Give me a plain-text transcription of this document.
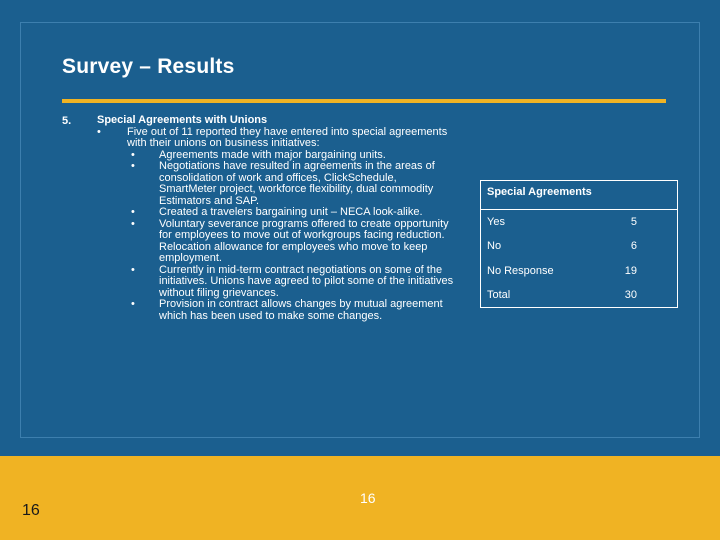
Survey – Results
5. Special Agreements with Unions
• Five out of 11 reported they have entered into special agreements with their unions on business initiatives:
• Agreements made with major bargaining units.
• Negotiations have resulted in agreements in the areas of consolidation of work and offices, ClickSchedule, SmartMeter project, workforce flexibility, dual commodity Estimators and SAP.
• Created a travelers bargaining unit – NECA look-alike.
• Voluntary severance programs offered to create opportunity for employees to move out of workgroups facing reduction. Relocation allowance for employees who move to keep employment.
• Currently in mid-term contract negotiations on some of the initiatives. Unions have agreed to pilot some of the initiatives without filing grievances.
• Provision in contract allows changes by mutual agreement which has been used to make some changes.
Special Agreements
Yes	5
No	6
No Response	19
Total	30
16
16
